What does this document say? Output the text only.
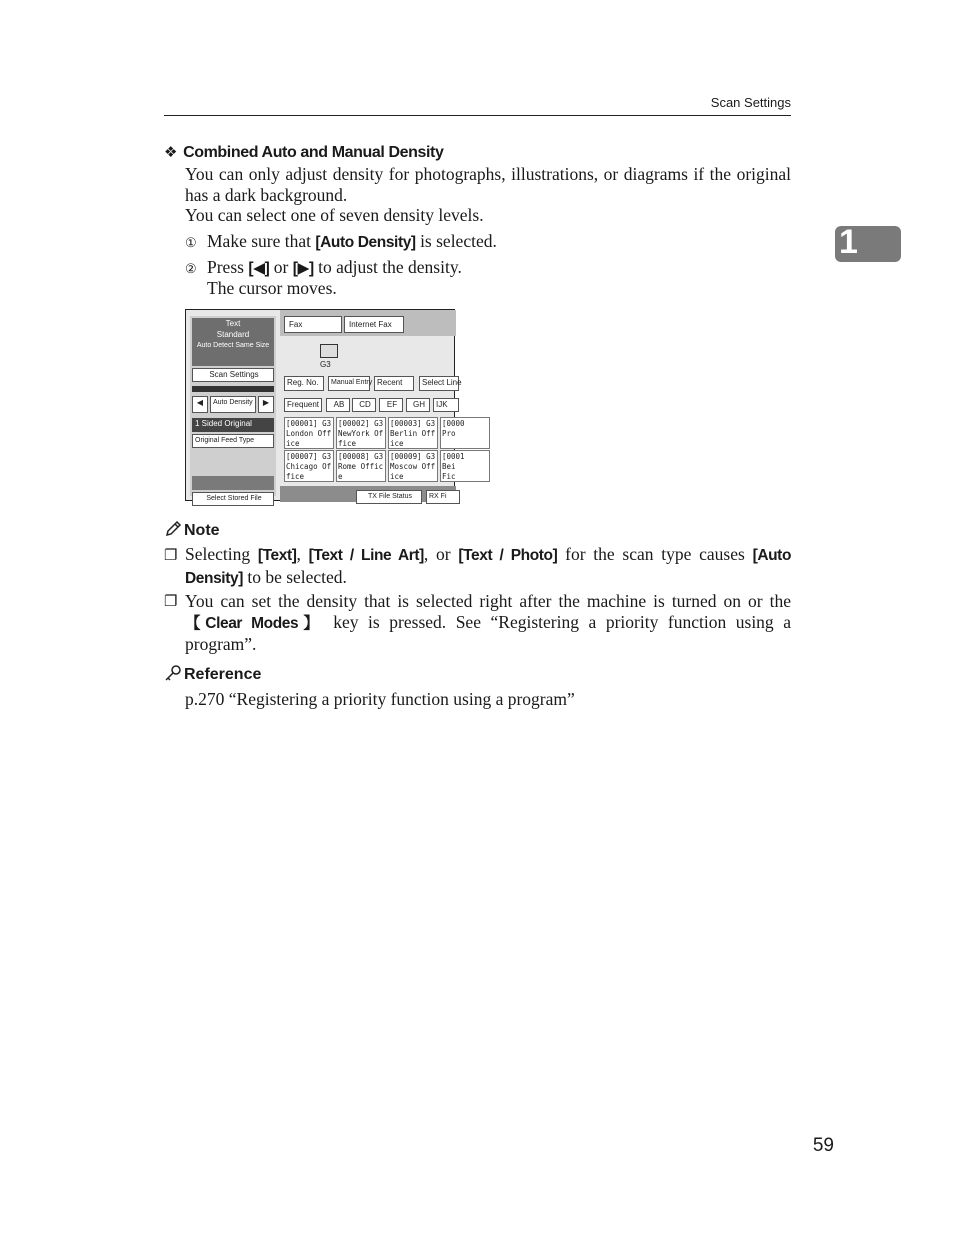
Scan Settings
1
❖ Combined Auto and Manual Density
You can only adjust density for photographs, illustrations, or diagrams if the original has a dark background.
You can select one of seven density levels.
① Make sure that [Auto Density] is selected.
② Press [◀] or [▶] to adjust the density.
The cursor moves.
Text
Standard
Auto Detect Same Size
Scan Settings
◀	Auto Density	▶
1 Sided Original
Original Feed Type
Select Stored File
Fax	Internet Fax
G3
Reg. No.	Manual Entry Recent	Select Line
Frequent	AB	CD	EF	GH	IJK
[00001] G3
London Off
ice
[00002] G3
NewYork Of
fice
[00003] G3
Berlin Off
ice
[0000
Pro
[00007] G3
Chicago Of
fice
[00008] G3
Rome Offic
e
[00009] G3
Moscow Off
ice
[0001
Bei
Fic
TX File Status	RX Fi
Note
❐ Selecting [Text], [Text / Line Art], or [Text / Photo] for the scan type causes [Auto Density] to be selected.
❐ You can set the density that is selected right after the machine is turned on or the 【Clear Modes】 key is pressed. See “Registering a priority function using a program”.
Reference
p.270 “Registering a priority function using a program”
59
